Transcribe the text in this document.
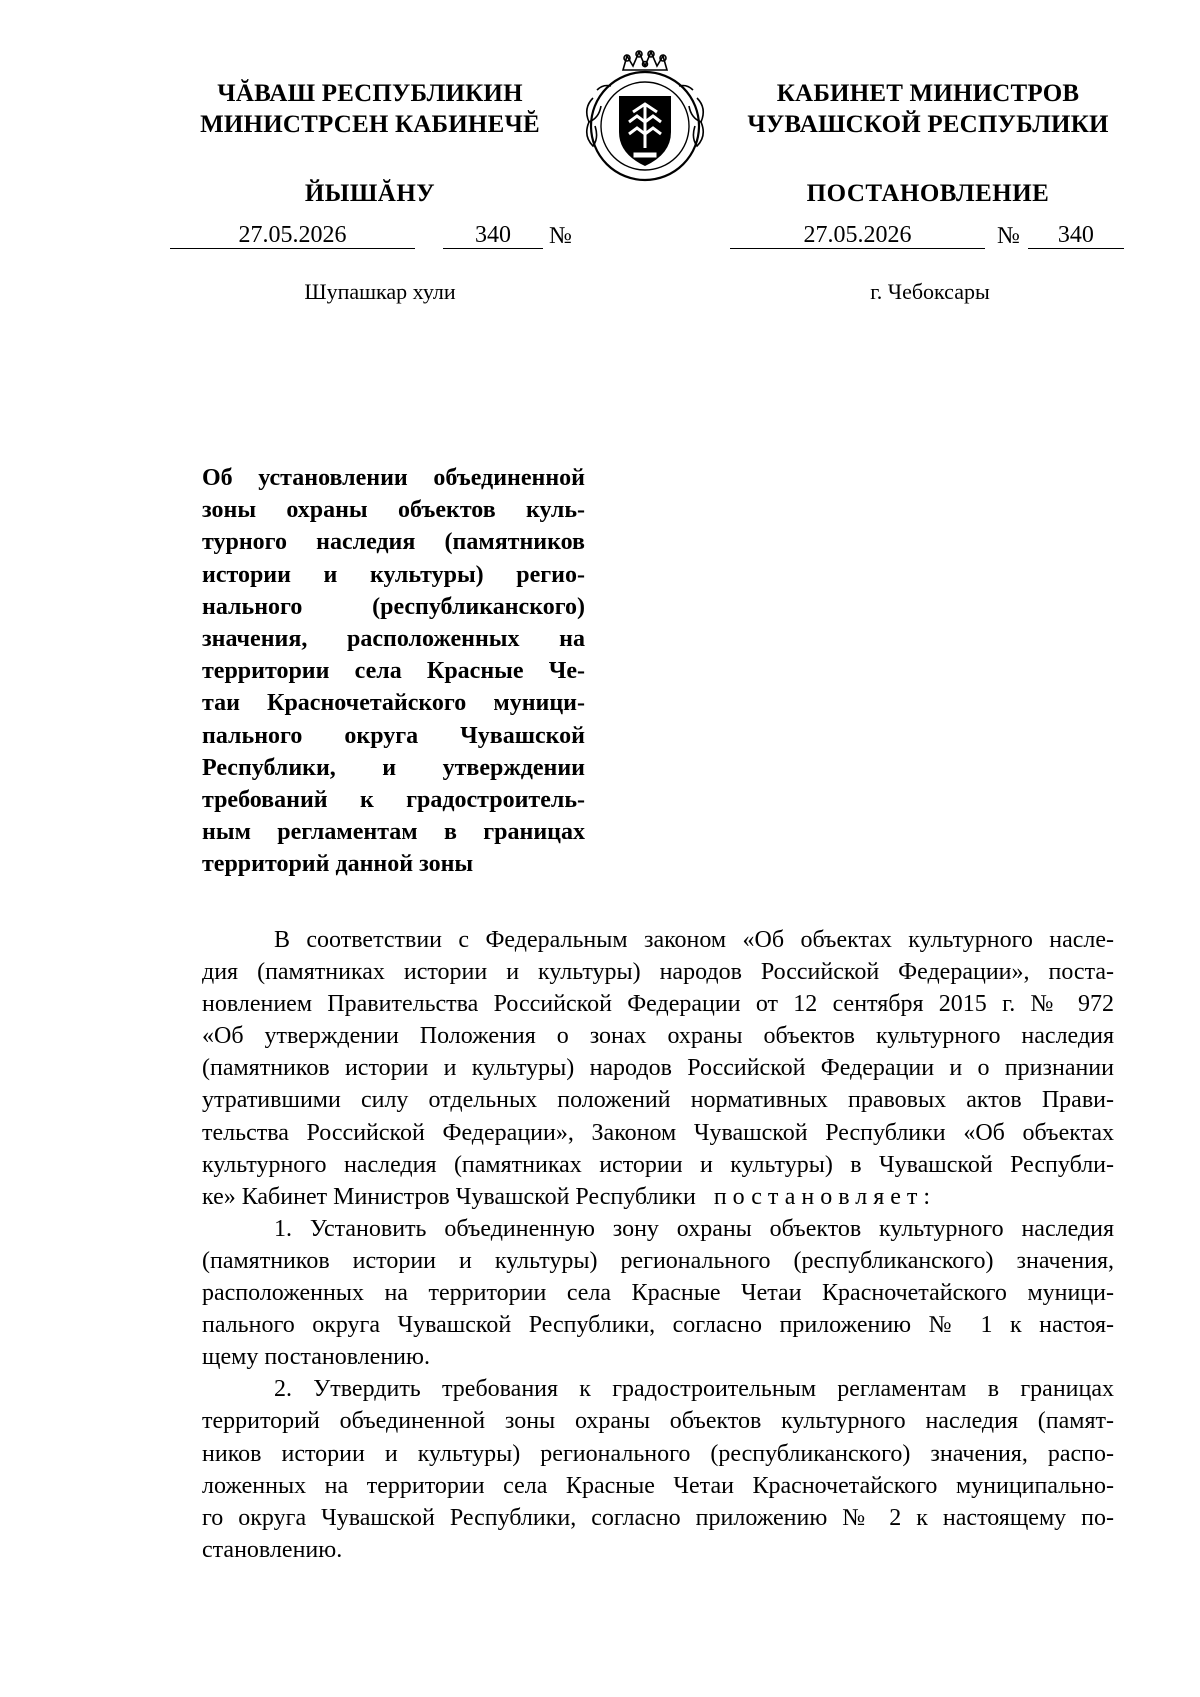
ЧĂВАШ РЕСПУБЛИКИН
МИНИСТРСЕН КАБИНЕЧĔ
ЙЫШĂНУ
КАБИНЕТ МИНИСТРОВ
ЧУВАШСКОЙ РЕСПУБЛИКИ
ПОСТАНОВЛЕНИЕ
27.05.2026	340 №	27.05.2026	№ 340
Шупашкар хули	г. Чебоксары
Об установлении объединенной
зоны охраны объектов куль-
турного наследия (памятников
истории и культуры) регио-
нального (республиканского)
значения, расположенных на
территории села Красные Че-
таи Красночетайского муници-
пального округа Чувашской
Республики, и утверждении
требований к градостроитель-
ным регламентам в границах
территорий данной зоны
В соответствии с Федеральным законом «Об объектах культурного насле-
дия (памятниках истории и культуры) народов Российской Федерации», поста-
новлением Правительства Российской Федерации от 12 сентября 2015 г. № 972
«Об утверждении Положения о зонах охраны объектов культурного наследия
(памятников истории и культуры) народов Российской Федерации и о признании
утратившими силу отдельных положений нормативных правовых актов Прави-
тельства Российской Федерации», Законом Чувашской Республики «Об объектах
культурного наследия (памятниках истории и культуры) в Чувашской Республи-
ке» Кабинет Министров Чувашской Республики постановляет:
1. Установить объединенную зону охраны объектов культурного наследия
(памятников истории и культуры) регионального (республиканского) значения,
расположенных на территории села Красные Четаи Красночетайского муници-
пального округа Чувашской Республики, согласно приложению № 1 к настоя-
щему постановлению.
2. Утвердить требования к градостроительным регламентам в границах
территорий объединенной зоны охраны объектов культурного наследия (памят-
ников истории и культуры) регионального (республиканского) значения, распо-
ложенных на территории села Красные Четаи Красночетайского муниципально-
го округа Чувашской Республики, согласно приложению № 2 к настоящему по-
становлению.
